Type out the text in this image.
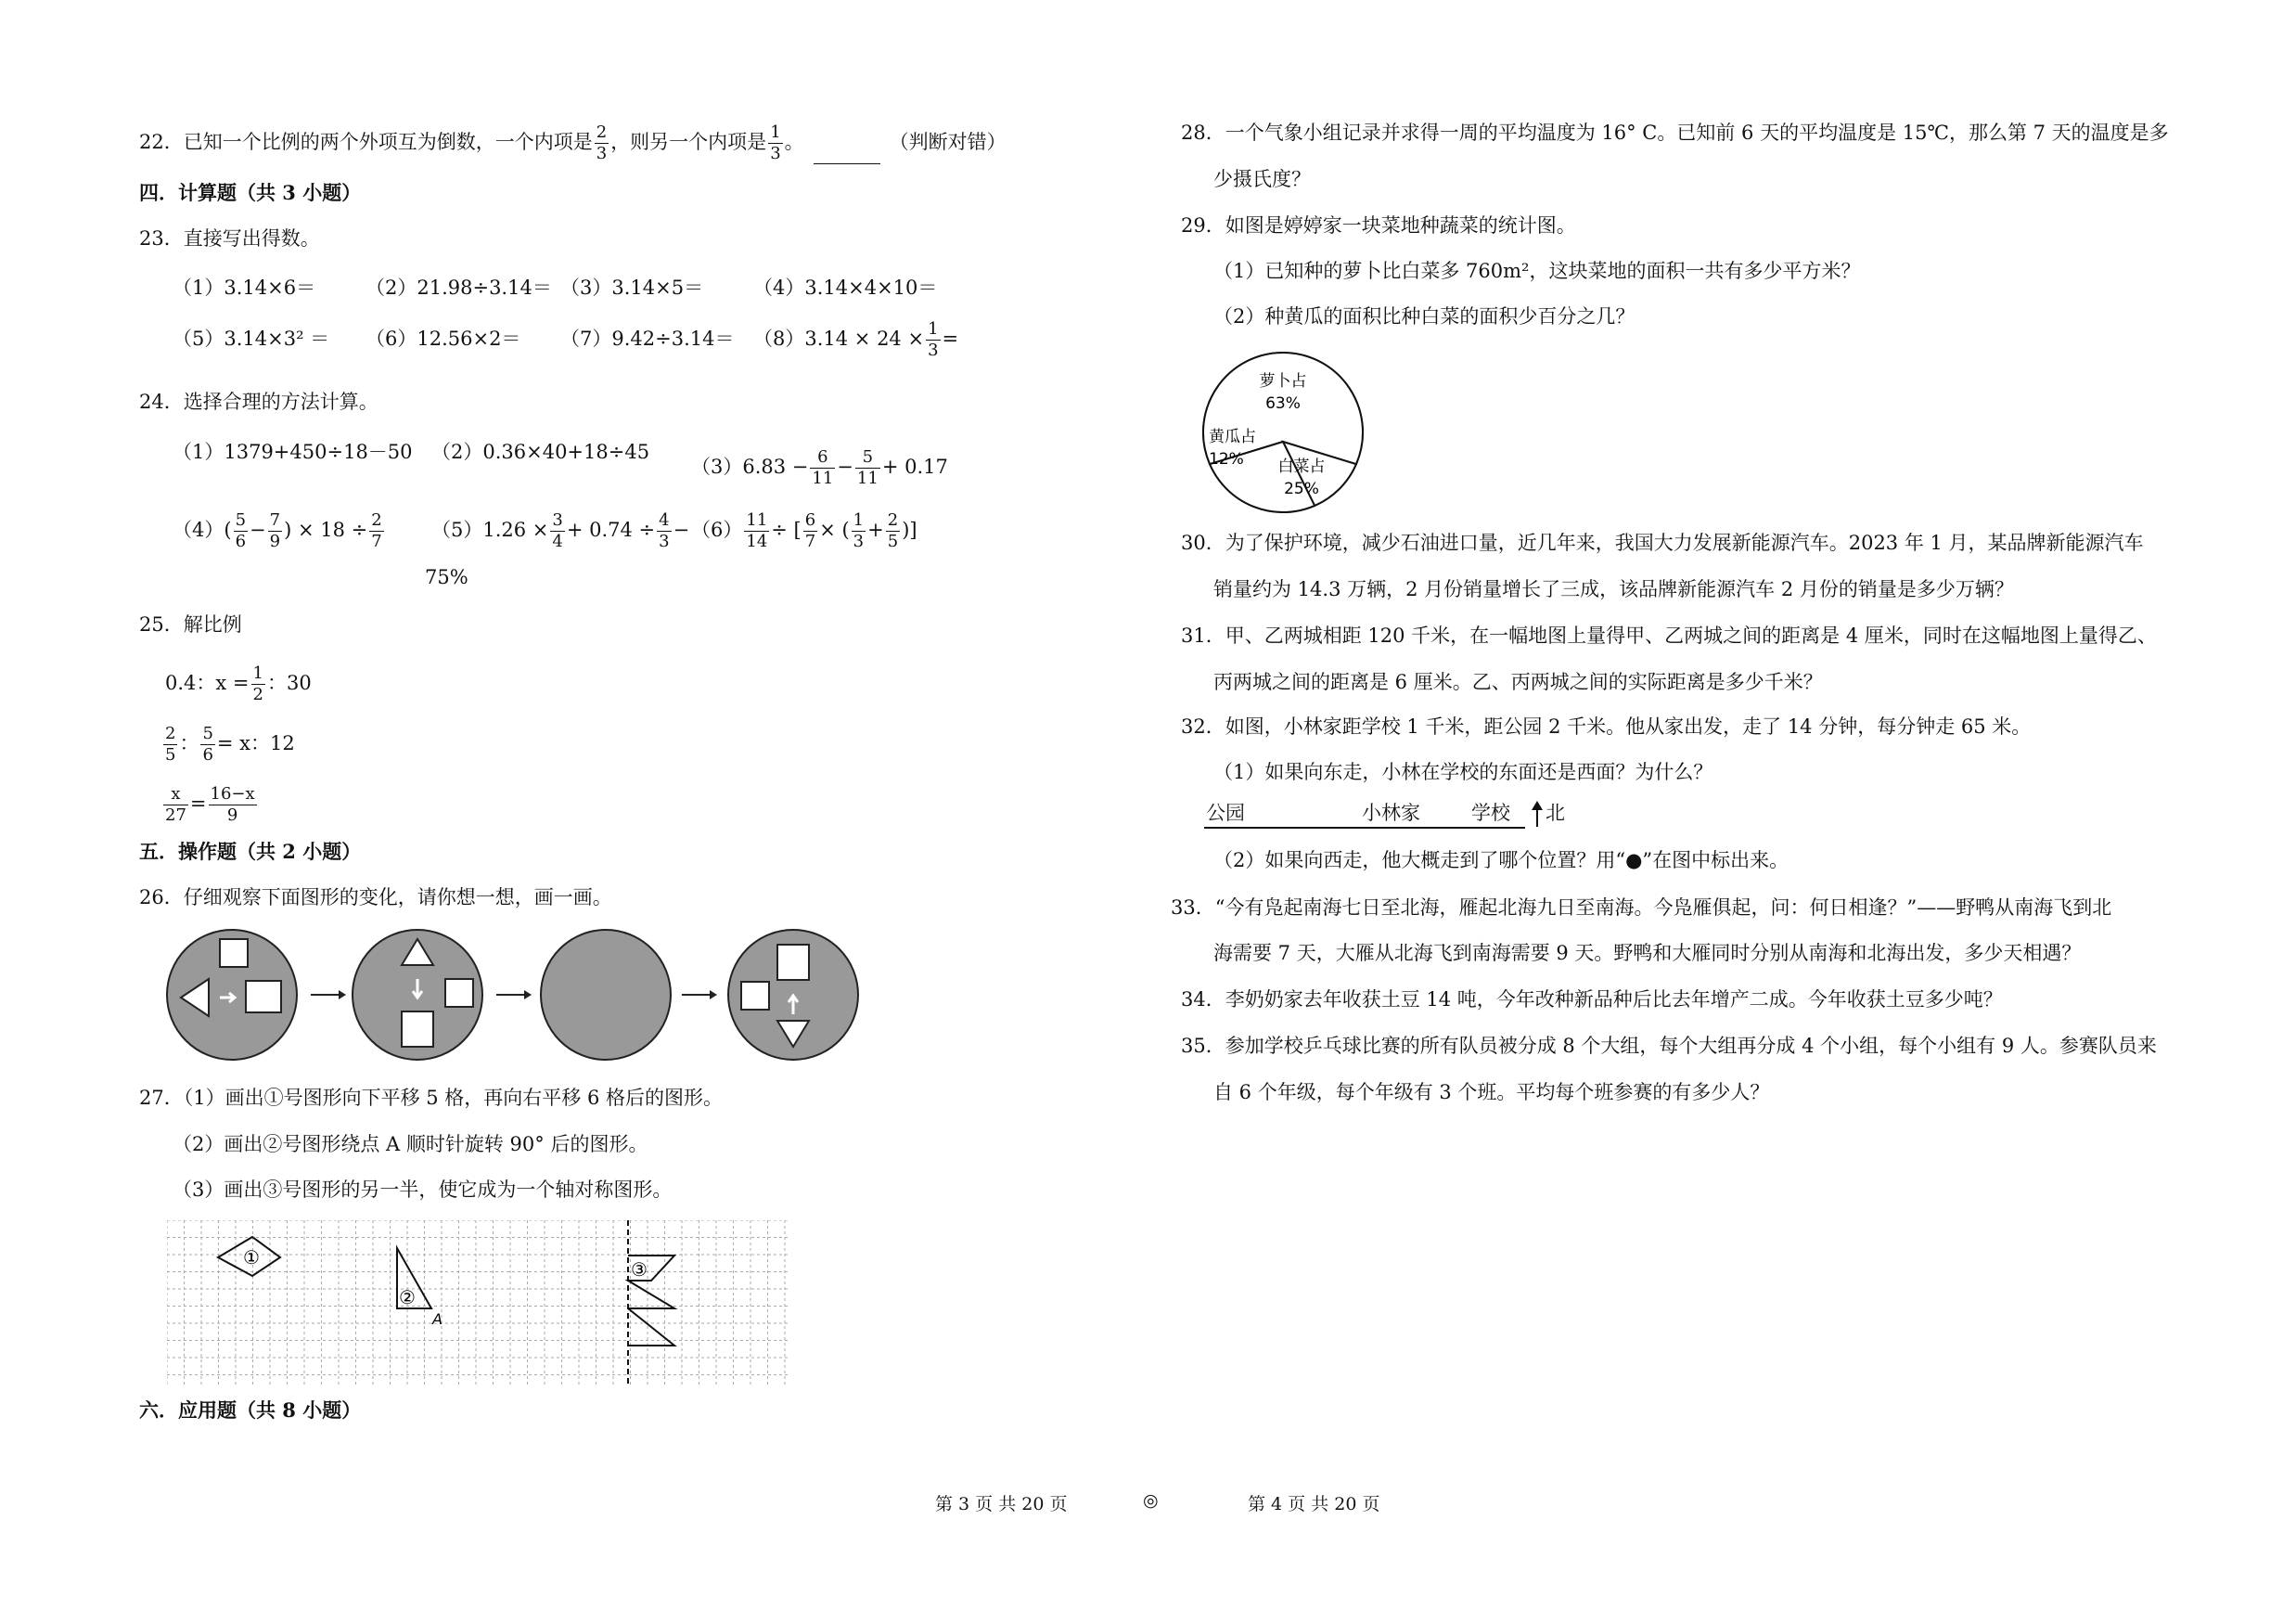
22．已知一个比例的两个外项互为倒数，一个内项是 $\frac{2}{3}$ ，则另一个内项是 $\frac{1}{3}$ 。	（判断对错）
四．计算题（共 3 小题）
23．直接写出得数。
（1）3.14×6＝	（2）21.98÷3.14＝ （3）3.14×5＝	（4）3.14×4×10＝
$(5)3.14\times 3^2 = (6)12.56\times 2= (7)9.42\div 3.14= (8)3.14 \times 24 \times \frac{1}{3}$ =
24．选择合理的方法计算。
（1）1379+450÷18－50 （2）0.36×40+18÷45
$(3)6.83 - \frac{6}{11} - \frac{5}{11} + 0.17$
$(4)( \frac{5}{6} - \frac{7}{9}$ ) × $18 \div \frac{2}{7} (5)1.26 \times \frac{3}{4} + 0.74 \div \frac{4}{3}$ −
75%
$(6) \frac{11}{14}$ ÷ [ $\frac{6}{7}$ × ( $\frac{1}{3} + \frac{2}{5}$ )]
25．解比例
0.4：$x = \frac{1}{2}$ ：30
$\frac{2}{5}$ ： $\frac{5}{6} = x$：12
$\frac{x}{27} = \frac{16-x}{9}$
五．操作题（共 2 小题）
26．仔细观察下面图形的变化，请你想一想，画一画。
27．（1）画出①号图形向下平移 5 格，再向右平移 6 格后的图形。
（2）画出②号图形绕点 A 顺时针旋转 90° 后的图形。
（3）画出③号图形的另一半，使它成为一个轴对称图形。
①
②
A
③
六．应用题（共 8 小题）
28．一个气象小组记录并求得一周的平均温度为 16° C。已知前 6 天的平均温度是 15℃，那么第 7 天的温度是多
少摄氏度？
29．如图是婷婷家一块菜地种蔬菜的统计图。
（1）已知种的萝卜比白菜多 760m²，这块菜地的面积一共有多少平方米？
（2）种黄瓜的面积比种白菜的面积少百分之几？
萝卜占
63%
黄瓜占
12% 白菜占
25%
30．为了保护环境，减少石油进口量，近几年来，我国大力发展新能源汽车。2023 年 1 月，某品牌新能源汽车
销量约为 14.3 万辆，2 月份销量增长了三成，该品牌新能源汽车 2 月份的销量是多少万辆？
31．甲、乙两城相距 120 千米，在一幅地图上量得甲、乙两城之间的距离是 4 厘米，同时在这幅地图上量得乙、
丙两城之间的距离是 6 厘米。乙、丙两城之间的实际距离是多少千米？
32．如图，小林家距学校 1 千米，距公园 2 千米。他从家出发，走了 14 分钟，每分钟走 65 米。
（1）如果向东走，小林在学校的东面还是西面？为什么？
公园	小林家	学校 北
（2）如果向西走，他大概走到了哪个位置？用“●”在图中标出来。
33．“今有凫起南海七日至北海，雁起北海九日至南海。今凫雁俱起，问：何日相逢？”——野鸭从南海飞到北
海需要 7 天，大雁从北海飞到南海需要 9 天。野鸭和大雁同时分别从南海和北海出发，多少天相遇？
34．李奶奶家去年收获土豆 14 吨，今年改种新品种后比去年增产二成。今年收获土豆多少吨？
35．参加学校乒乓球比赛的所有队员被分成 8 个大组，每个大组再分成 4 个小组，每个小组有 9 人。参赛队员来
自 6 个年级，每个年级有 3 个班。平均每个班参赛的有多少人？
第 3 页 共 20 页	◎	第 4 页 共 20 页
